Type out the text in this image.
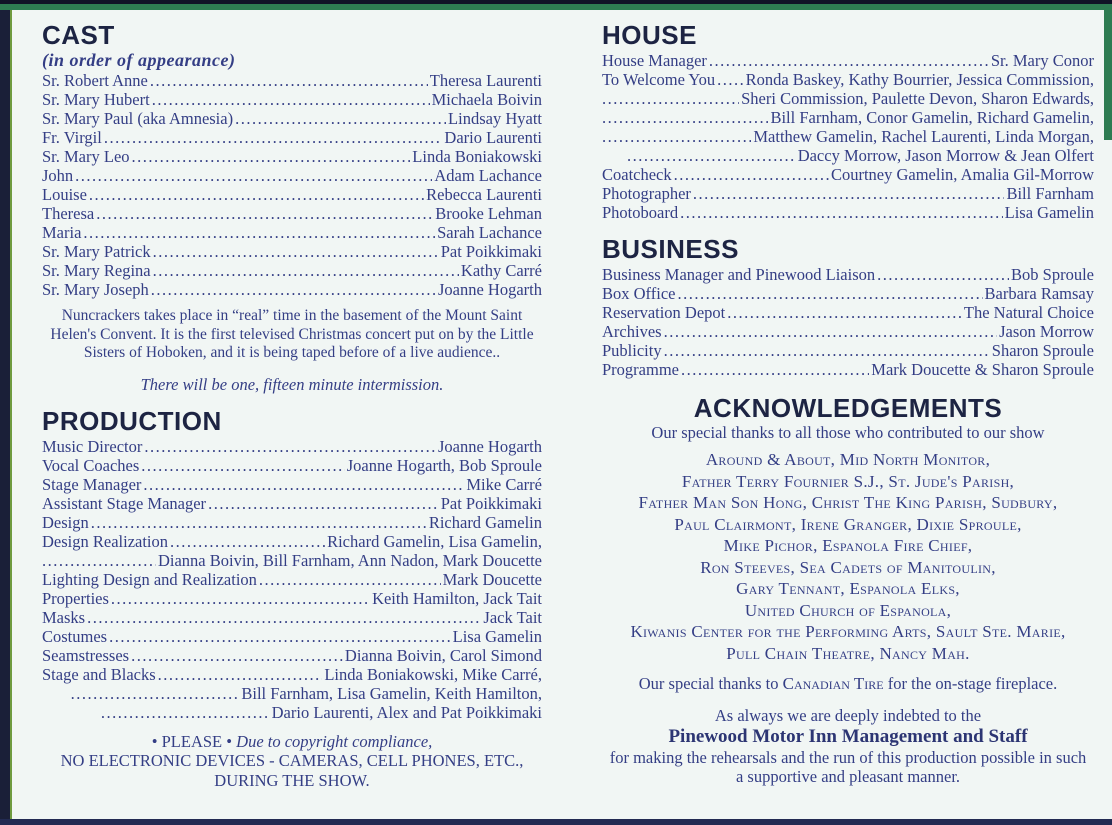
CAST
(in order of appearance)
Sr. Robert Anne .....	Theresa Laurenti
Sr. Mary Hubert .....	Michaela Boivin
Sr. Mary Paul (aka Amnesia) .....	Lindsay Hyatt
Fr. Virgil .....	Dario Laurenti
Sr. Mary Leo .....	Linda Boniakowski
John .....	Adam Lachance
Louise .....	Rebecca Laurenti
Theresa .....	Brooke Lehman
Maria .....	Sarah Lachance
Sr. Mary Patrick .....	Pat Poikkimaki
Sr. Mary Regina .....	Kathy Carré
Sr. Mary Joseph .....	Joanne Hogarth

Nuncrackers takes place in “real” time in the basement of the Mount Saint Helen's Convent. It is the first televised Christmas concert put on by the Little Sisters of Hoboken, and it is being taped before of a live audience..

There will be one, fifteen minute intermission.

PRODUCTION
Music Director .....	Joanne Hogarth
Vocal Coaches .....	Joanne Hogarth, Bob Sproule
Stage Manager .....	Mike Carré
Assistant Stage Manager .....	Pat Poikkimaki
Design .....	Richard Gamelin
Design Realization .....	Richard Gamelin, Lisa Gamelin,
.....
Dianna Boivin, Bill Farnham, Ann Nadon, Mark Doucette
Lighting Design and Realization .....	Mark Doucette
Properties .....	Keith Hamilton, Jack Tait
Masks .....	Jack Tait
Costumes .....	Lisa Gamelin
Seamstresses .....	Dianna Boivin, Carol Simond
Stage and Blacks .....	Linda Boniakowski, Mike Carré,
.....
Bill Farnham, Lisa Gamelin, Keith Hamilton,
.....
Dario Laurenti, Alex and Pat Poikkimaki
• PLEASE • Due to copyright compliance,
NO ELECTRONIC DEVICES - CAMERAS, CELL PHONES, ETC.,
DURING THE SHOW.
HOUSE
House Manager .....	Sr. Mary Conor
To Welcome You ..... Ronda Baskey, Kathy Bourrier, Jessica Commission,
.....
Sheri Commission, Paulette Devon, Sharon Edwards,
.....
Bill Farnham, Conor Gamelin, Richard Gamelin,
.....
Matthew Gamelin, Rachel Laurenti, Linda Morgan,
.....
Daccy Morrow, Jason Morrow & Jean Olfert
Coatcheck .....	Courtney Gamelin, Amalia Gil-Morrow
Photographer .....	Bill Farnham
Photoboard .....	Lisa Gamelin
BUSINESS
Business Manager and Pinewood Liaison .....	Bob Sproule
Box Office .....	Barbara Ramsay
Reservation Depot .....	The Natural Choice
Archives .....	Jason Morrow
Publicity .....	Sharon Sproule
Programme .....	Mark Doucette & Sharon Sproule
ACKNOWLEDGEMENTS

Our special thanks to all those who contributed to our show

Around & About, Mid North Monitor,
Father Terry Fournier S.J., St. Jude's Parish,
Father Man Son Hong, Christ The King Parish, Sudbury,
Paul Clairmont, Irene Granger, Dixie Sproule,
Mike Pichor, Espanola Fire Chief,
Ron Steeves, Sea Cadets of Manitoulin,
Gary Tennant, Espanola Elks,
United Church of Espanola,
Kiwanis Center for the Performing Arts, Sault Ste. Marie,
Pull Chain Theatre, Nancy Mah.

Our special thanks to Canadian Tire for the on-stage fireplace.

As always we are deeply indebted to the

Pinewood Motor Inn Management and Staff

for making the rehearsals and the run of this production possible in such

a supportive and pleasant manner.
